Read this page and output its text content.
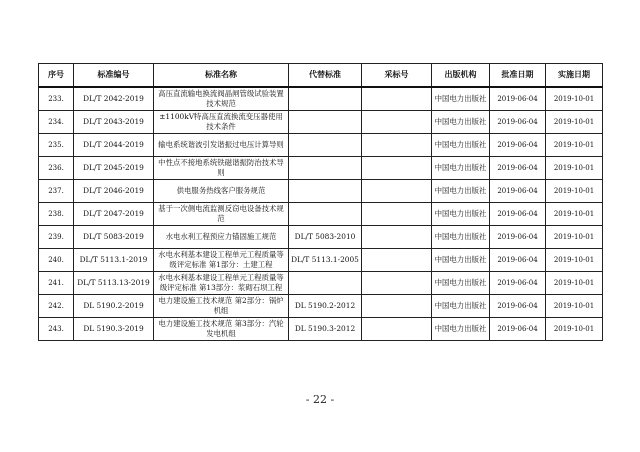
序号	标准编号	标准名称	代替标准	采标号	出版机构	批准日期	实施日期
233.	DL/T 2042-2019	高压直流输电换流阀晶闸管级试验装置技术规范			中国电力出版社	2019-06-04	2019-10-01
234.	DL/T 2043-2019	±1100kV特高压直流换流变压器使用技术条件			中国电力出版社	2019-06-04	2019-10-01
235.	DL/T 2044-2019	输电系统谐波引发谐振过电压计算导则			中国电力出版社	2019-06-04	2019-10-01
236.	DL/T 2045-2019	中性点不接地系统铁磁谐振防治技术导则			中国电力出版社	2019-06-04	2019-10-01
237.	DL/T 2046-2019	供电服务热线客户服务规范			中国电力出版社	2019-06-04	2019-10-01
238.	DL/T 2047-2019	基于一次侧电流监测反窃电设备技术规范			中国电力出版社	2019-06-04	2019-10-01
239.	DL/T 5083-2019	水电水利工程预应力锚固施工规范	DL/T 5083-2010		中国电力出版社	2019-06-04	2019-10-01
240.	DL/T 5113.1-2019	水电水利基本建设工程单元工程质量等级评定标准 第1部分：土建工程	DL/T 5113.1-2005		中国电力出版社	2019-06-04	2019-10-01
241.	DL/T 5113.13-2019	水电水利基本建设工程单元工程质量等级评定标准 第13部分：浆砌石坝工程			中国电力出版社	2019-06-04	2019-10-01
242.	DL 5190.2-2019	电力建设施工技术规范 第2部分：锅炉机组	DL 5190.2-2012		中国电力出版社	2019-06-04	2019-10-01
243.	DL 5190.3-2019	电力建设施工技术规范 第3部分：汽轮发电机组	DL 5190.3-2012		中国电力出版社	2019-06-04	2019-10-01
- 22 -
